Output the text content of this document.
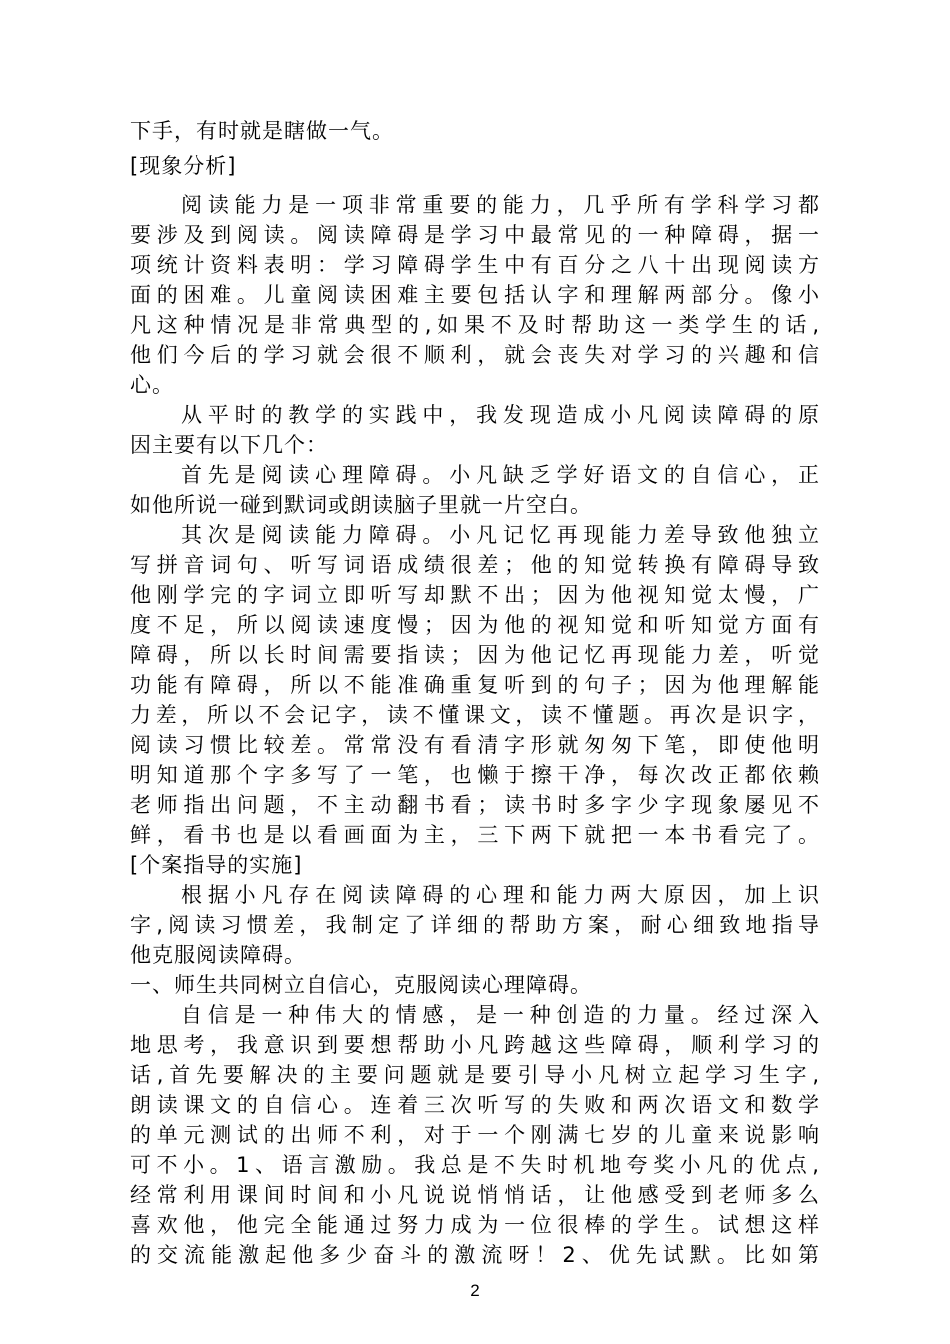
下手，有时就是瞎做一气。
[现象分析]
阅读能力是一项非常重要的能力，几乎所有学科学习都
要涉及到阅读。阅读障碍是学习中最常见的一种障碍，据一
项统计资料表明：学习障碍学生中有百分之八十出现阅读方
面的困难。儿童阅读困难主要包括认字和理解两部分。像小
凡这种情况是非常典型的,如果不及时帮助这一类学生的话,
他们今后的学习就会很不顺利，就会丧失对学习的兴趣和信
心。
从平时的教学的实践中，我发现造成小凡阅读障碍的原
因主要有以下几个：
首先是阅读心理障碍。小凡缺乏学好语文的自信心，正
如他所说一碰到默词或朗读脑子里就一片空白。
其次是阅读能力障碍。小凡记忆再现能力差导致他独立
写拼音词句、听写词语成绩很差；他的知觉转换有障碍导致
他刚学完的字词立即听写却默不出；因为他视知觉太慢，广
度不足，所以阅读速度慢；因为他的视知觉和听知觉方面有
障碍，所以长时间需要指读；因为他记忆再现能力差，听觉
功能有障碍，所以不能准确重复听到的句子；因为他理解能
力差，所以不会记字，读不懂课文，读不懂题。再次是识字，
阅读习惯比较差。常常没有看清字形就匆匆下笔，即使他明
明知道那个字多写了一笔，也懒于擦干净，每次改正都依赖
老师指出问题，不主动翻书看；读书时多字少字现象屡见不
鲜，看书也是以看画面为主，三下两下就把一本书看完了。
[个案指导的实施]
根据小凡存在阅读障碍的心理和能力两大原因，加上识
字,阅读习惯差，我制定了详细的帮助方案，耐心细致地指导
他克服阅读障碍。
一、师生共同树立自信心，克服阅读心理障碍。
自信是一种伟大的情感，是一种创造的力量。经过深入
地思考，我意识到要想帮助小凡跨越这些障碍，顺利学习的
话,首先要解决的主要问题就是要引导小凡树立起学习生字,
朗读课文的自信心。连着三次听写的失败和两次语文和数学
的单元测试的出师不利，对于一个刚满七岁的儿童来说影响
可不小。1、语言激励。我总是不失时机地夸奖小凡的优点,
经常利用课间时间和小凡说说悄悄话，让他感受到老师多么
喜欢他，他完全能通过努力成为一位很棒的学生。试想这样
的交流能激起他多少奋斗的激流呀！2、优先试默。比如第
2
